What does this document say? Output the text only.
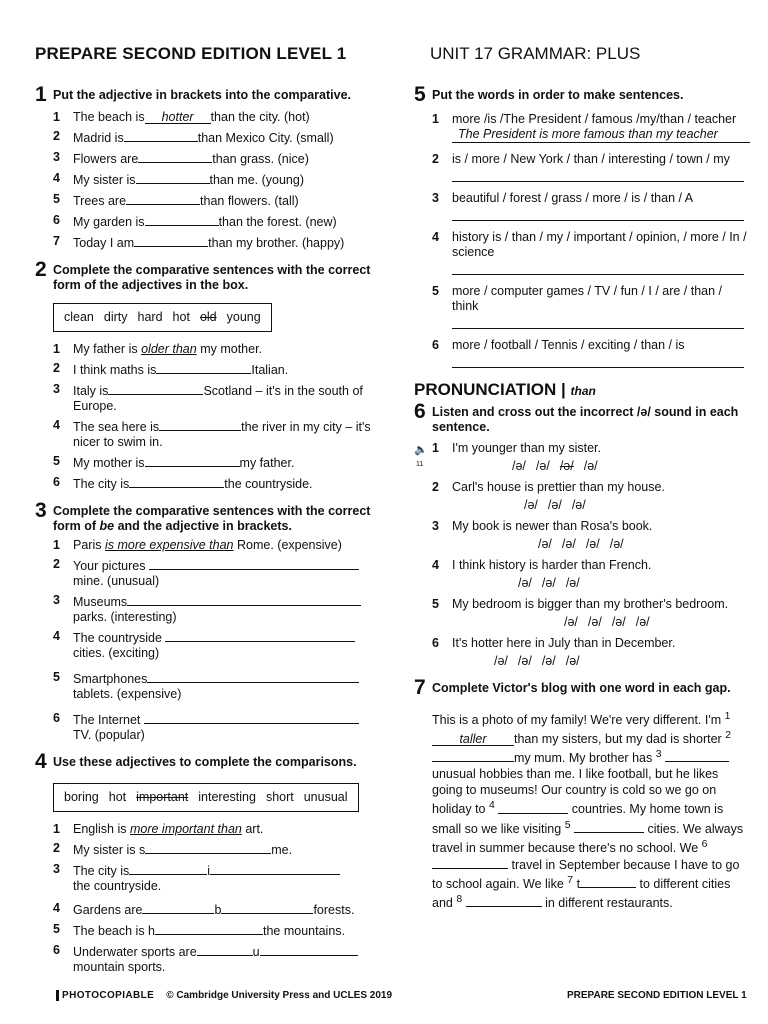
PREPARE SECOND EDITION LEVEL 1	UNIT 17 GRAMMAR: PLUS
1 Put the adjective in brackets into the comparative.
1	The beach is hotter than the city. (hot)
2	Madrid is	than Mexico City. (small)
3	Flowers are	than grass. (nice)
4	My sister is	than me. (young)
5	Trees are	than flowers. (tall)
6	My garden is	than the forest. (new)
7	Today I am	than my brother. (happy)
2 Complete the comparative sentences with the correct form of the adjectives in the box.
clean dirty hard hot old young
1	My father is older than my mother.
2	I think maths is	Italian.
3	Italy is	Scotland – it's in the south of Europe.
4	The sea here is	the river in my city – it's nicer to swim in.
5	My mother is	my father.
6	The city is	the countryside.
3 Complete the comparative sentences with the correct form of be and the adjective in brackets.
1	Paris is more expensive than Rome. (expensive)
2	Your pictures
mine. (unusual)
3	Museums
parks. (interesting)
4	The countryside
cities. (exciting)
5	Smartphones
tablets. (expensive)
6	The Internet
TV. (popular)
4 Use these adjectives to complete the comparisons.
boring hot important interesting short unusual
1	English is more important than art.
2	My sister is s	me.
3	The city is	i
the countryside.
4	Gardens are	b	forests.
5	The beach is h	the mountains.
6	Underwater sports are	u
mountain sports.
5 Put the words in order to make sentences.
1	more /is /The President / famous /my/than / teacher

The President is more famous than my teacher
2	is / more / New York / than / interesting / town / my
3	beautiful / forest / grass / more / is / than / A
4	history is / than / my / important / opinion, / more / In / science
5	more / computer games / TV / fun / I / are / than / think
6	more / football / Tennis / exciting / than / is
PRONUNCIATION | than
6 Listen and cross out the incorrect /ə/ sound in each sentence.
🔈
11
1	I'm younger than my sister.
/ə/ /ə/ /ə/ /ə/
2	Carl's house is prettier than my house.
/ə/ /ə/ /ə/
3	My book is newer than Rosa's book.
/ə/ /ə/ /ə/ /ə/
4	I think history is harder than French.
/ə/ /ə/ /ə/
5	My bedroom is bigger than my brother's bedroom.
/ə/ /ə/ /ə/ /ə/
6	It's hotter here in July than in December.
/ə/ /ə/ /ə/ /ə/
7 Complete Victor's blog with one word in each gap.
This is a photo of my family! We're very different. I'm $^1$taller than my sisters, but my dad is shorter $^2$my mum. My brother has $^3$  unusual hobbies than me. I like football, but he likes going to museums! Our country is cold so we go on holiday to $^4$	countries. My home town is small so we like visiting $^5$	cities. We always travel in summer because there's no school. We $^6$  travel in September because I have to go to school again. We like $^7$ t	to different cities and $^8$	in different restaurants.
PHOTOCOPIABLE © Cambridge University Press and UCLES 2019	PREPARE SECOND EDITION LEVEL 1
